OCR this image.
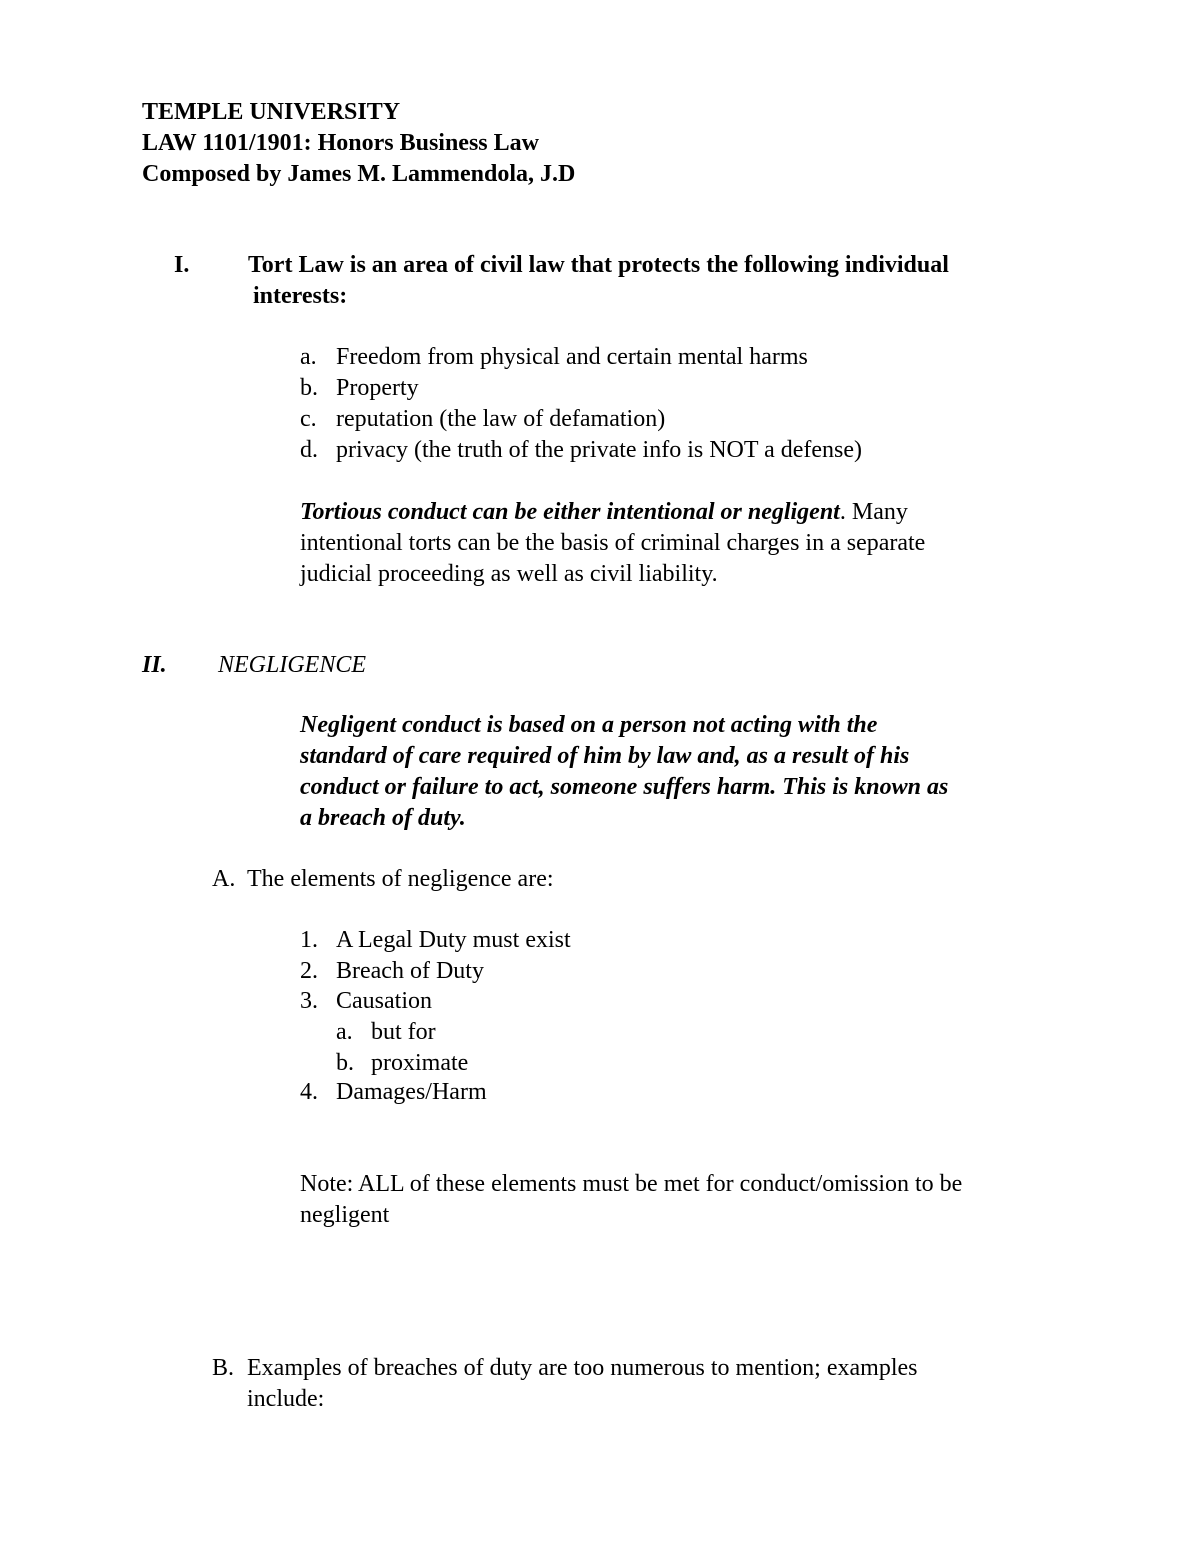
TEMPLE UNIVERSITY
LAW 1101/1901: Honors Business Law
Composed by James M. Lammendola, J.D
I. Tort Law is an area of civil law that protects the following individual
interests:
a. Freedom from physical and certain mental harms
b. Property
c. reputation (the law of defamation)
d. privacy (the truth of the private info is NOT a defense)
Tortious conduct can be either intentional or negligent. Many
intentional torts can be the basis of criminal charges in a separate
judicial proceeding as well as civil liability.
II. NEGLIGENCE
Negligent conduct is based on a person not acting with the
standard of care required of him by law and, as a result of his
conduct or failure to act, someone suffers harm. This is known as
a breach of duty.
A. The elements of negligence are:
1. A Legal Duty must exist
2. Breach of Duty
3. Causation
a. but for
b. proximate
4. Damages/Harm
Note: ALL of these elements must be met for conduct/omission to be
negligent
B. Examples of breaches of duty are too numerous to mention; examples
include:
